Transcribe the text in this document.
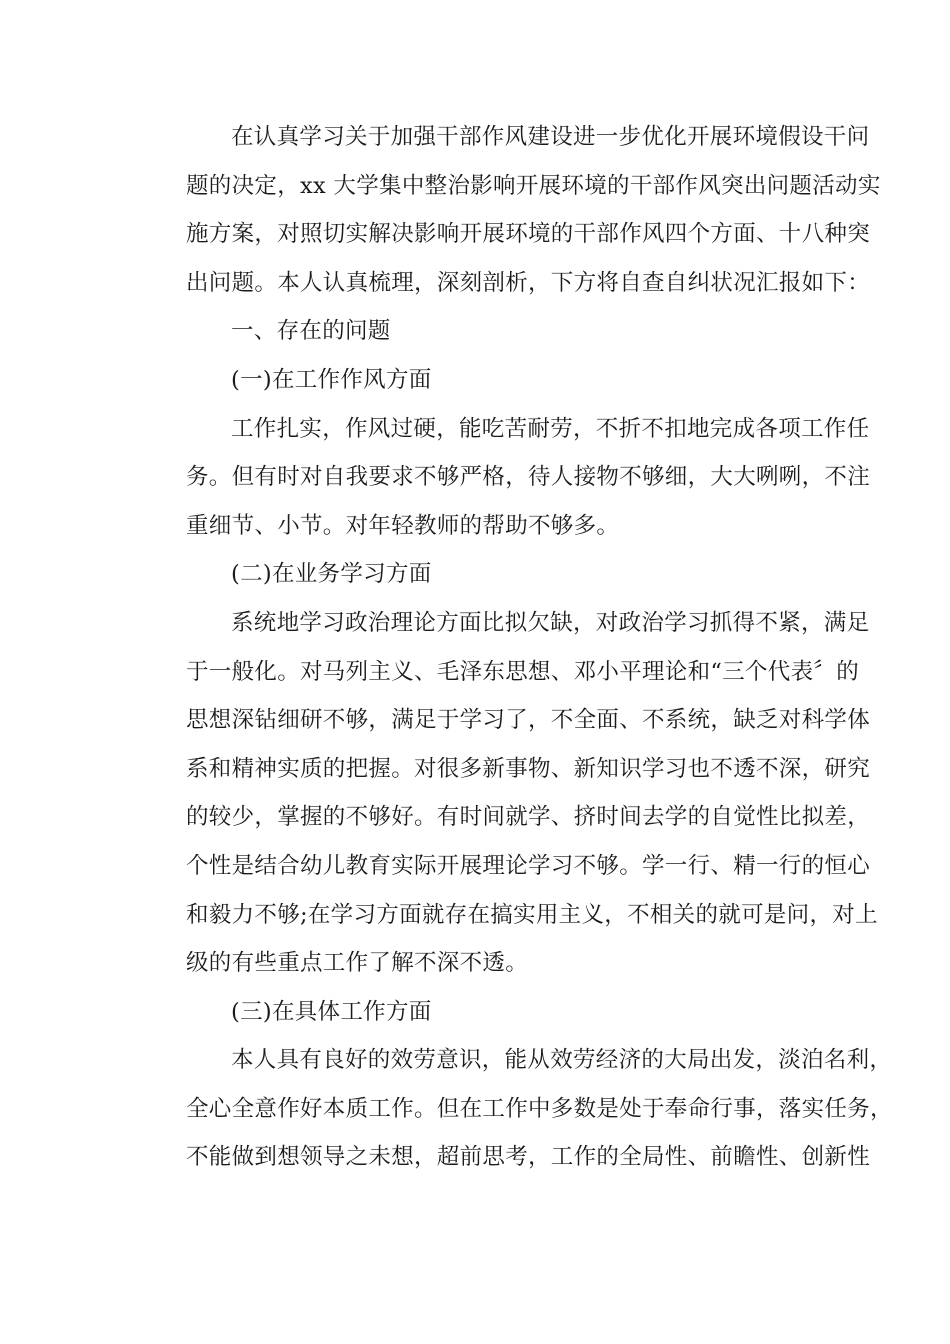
在认真学习关于加强干部作风建设进一步优化开展环境假设干问
题的决定，xx 大学集中整治影响开展环境的干部作风突出问题活动实
施方案，对照切实解决影响开展环境的干部作风四个方面、十八种突
出问题。本人认真梳理，深刻剖析，下方将自查自纠状况汇报如下：
一、存在的问题
(一)在工作作风方面
工作扎实，作风过硬，能吃苦耐劳，不折不扣地完成各项工作任
务。但有时对自我要求不够严格，待人接物不够细，大大咧咧，不注
重细节、小节。对年轻教师的帮助不够多。
(二)在业务学习方面
系统地学习政治理论方面比拟欠缺，对政治学习抓得不紧，满足
于一般化。对马列主义、毛泽东思想、邓小平理论和“三个代表〞的
思想深钻细研不够，满足于学习了，不全面、不系统，缺乏对科学体
系和精神实质的把握。对很多新事物、新知识学习也不透不深，研究
的较少，掌握的不够好。有时间就学、挤时间去学的自觉性比拟差，
个性是结合幼儿教育实际开展理论学习不够。学一行、精一行的恒心
和毅力不够;在学习方面就存在搞实用主义，不相关的就可是问，对上
级的有些重点工作了解不深不透。
(三)在具体工作方面
本人具有良好的效劳意识，能从效劳经济的大局出发，淡泊名利，
全心全意作好本质工作。但在工作中多数是处于奉命行事，落实任务，
不能做到想领导之未想，超前思考，工作的全局性、前瞻性、创新性
